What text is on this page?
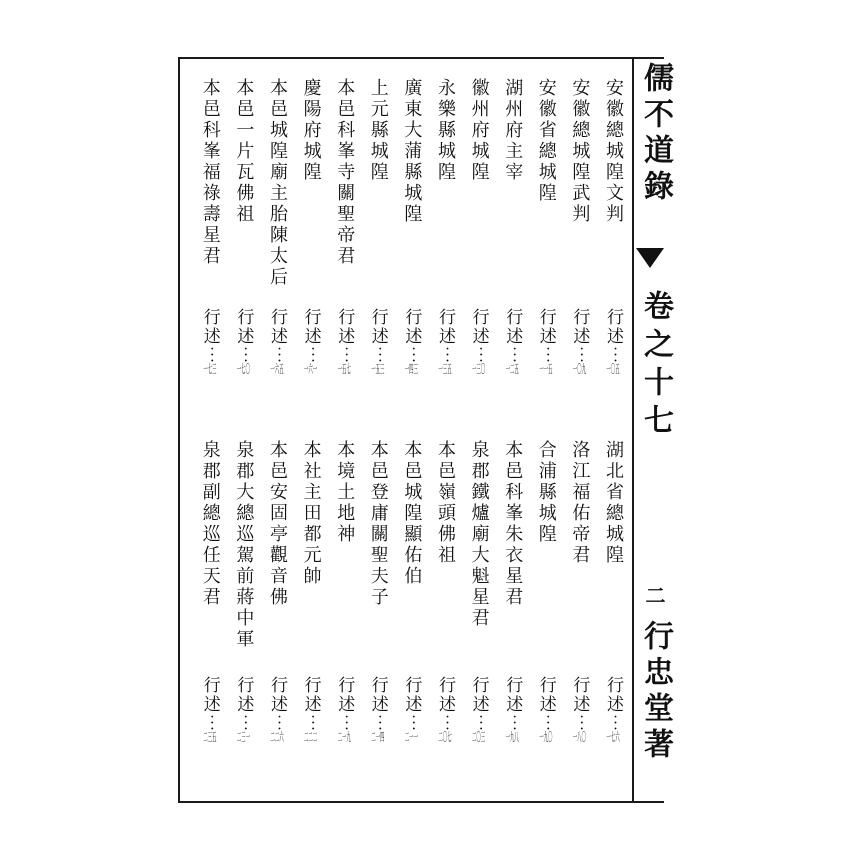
儒不道錄
卷之十七
二
行忠堂著
安徽總城隍文判
行述︙一〇五
安徽總城隍武判
行述︙一〇九
安徽省總城隍
行述︙一一五
湖州府主宰
行述︙一二五
徽州府城隍
行述︙一三〇
永樂縣城隍
行述︙一三五
廣東大蒲縣城隍
行述︙一四三
上元縣城隍
行述︙一五三
本邑科峯寺關聖帝君
行述︙一五七
慶陽府城隍
行述︙一六一
本邑城隍廟主胎陳太后
行述︙一六五
本邑一片瓦佛祖
行述︙一七〇
本邑科峯福祿壽星君
行述︙一七三
湖北省總城隍
行述︙一七六
洛江福佑帝君
行述︙一八〇
合浦縣城隍
行述︙一九〇
本邑科峯朱衣星君
行述︙一九八
泉郡鐵爐廟大魁星君
行述︙二〇三
本邑嶺頭佛祖
行述︙二〇七
本邑城隍顯佑伯
行述︙二一一
本邑登庸關聖夫子
行述︙二一四
本境土地神
行述︙二一九
本社主田都元帥
行述︙二二二
本邑安固亭觀音佛
行述︙二二六
泉郡大總巡駕前蔣中軍
行述︙二三一
泉郡副總巡任天君
行述︙二三五
